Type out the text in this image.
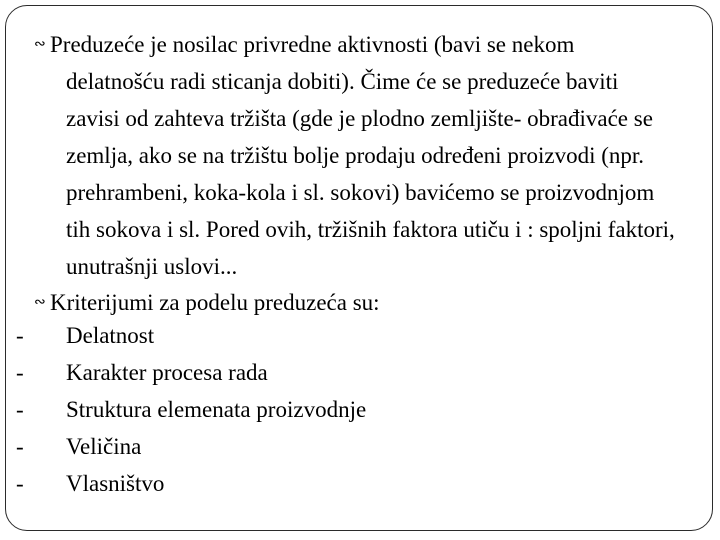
∾ Preduzeće je nosilac privredne aktivnosti (bavi se nekom delatnošću radi sticanja dobiti). Čime će se preduzeće baviti zavisi od zahteva tržišta (gde je plodno zemljište- obrađivaće se zemlja, ako se na tržištu bolje prodaju određeni proizvodi (npr. prehrambeni, koka-kola i sl. sokovi) bavićemo se proizvodnjom tih sokova i sl. Pored ovih, tržišnih faktora utiču i : spoljni faktori, unutrašnji uslovi...
∾ Kriterijumi za podelu preduzeća su:
- Delatnost
- Karakter procesa rada
- Struktura elemenata proizvodnje
- Veličina
- Vlasništvo
